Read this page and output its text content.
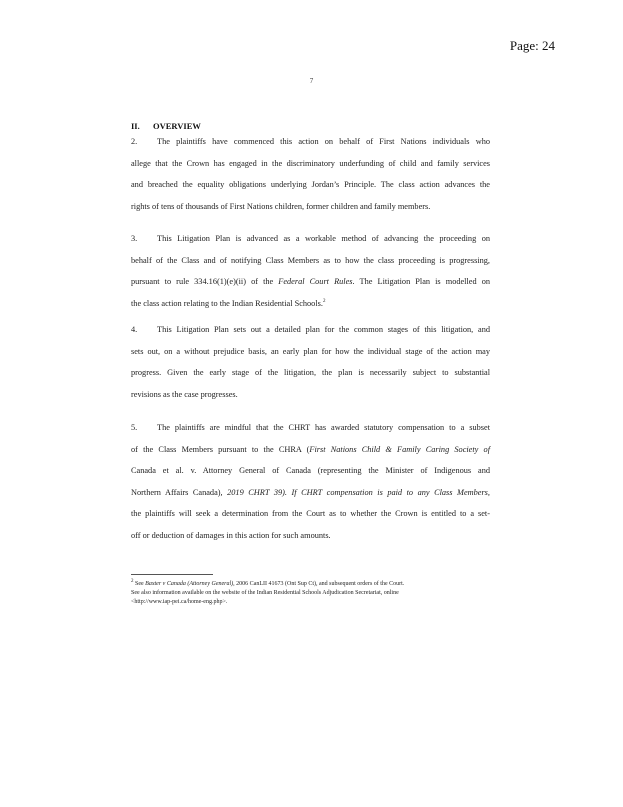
Page: 24
7
II. OVERVIEW
2. The plaintiffs have commenced this action on behalf of First Nations individuals who
allege that the Crown has engaged in the discriminatory underfunding of child and family services
and breached the equality obligations underlying Jordan’s Principle. The class action advances the
rights of tens of thousands of First Nations children, former children and family members.
3. This Litigation Plan is advanced as a workable method of advancing the proceeding on
behalf of the Class and of notifying Class Members as to how the class proceeding is progressing,
pursuant to rule 334.16(1)(e)(ii) of the Federal Court Rules. The Litigation Plan is modelled on
the class action relating to the Indian Residential Schools.$^2$
4. This Litigation Plan sets out a detailed plan for the common stages of this litigation, and
sets out, on a without prejudice basis, an early plan for how the individual stage of the action may
progress. Given the early stage of the litigation, the plan is necessarily subject to substantial
revisions as the case progresses.
5. The plaintiffs are mindful that the CHRT has awarded statutory compensation to a subset
of the Class Members pursuant to the CHRA (First Nations Child & Family Caring Society of
Canada et al. v. Attorney General of Canada (representing the Minister of Indigenous and
Northern Affairs Canada), 2019 CHRT 39). If CHRT compensation is paid to any Class Members,
the plaintiffs will seek a determination from the Court as to whether the Crown is entitled to a set-
off or deduction of damages in this action for such amounts.
$^2$ See Baxter v Canada (Attorney General), 2006 CanLII 41673 (Ont Sup Ct), and subsequent orders of the Court.
See also information available on the website of the Indian Residential Schools Adjudication Secretariat, online
<http://www.iap-pei.ca/home-eng.php>.
